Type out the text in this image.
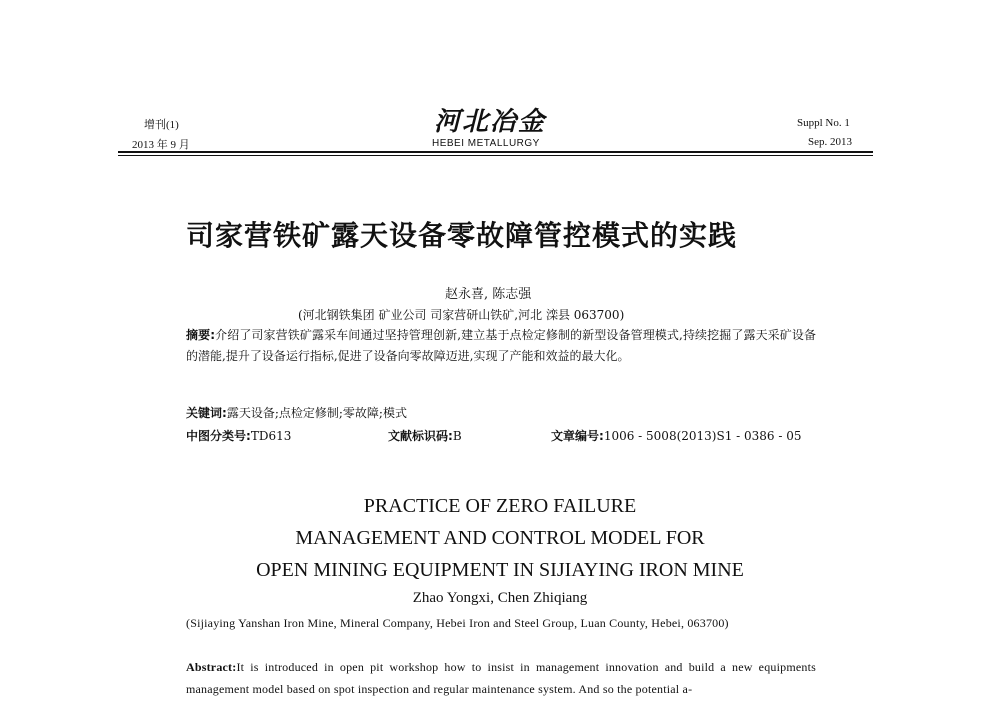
增刊(1)
2013 年 9 月
河北冶金
HEBEI METALLURGY
Suppl No. 1
Sep. 2013
司家营铁矿露天设备零故障管控模式的实践
赵永喜, 陈志强
(河北钢铁集团 矿业公司 司家营研山铁矿,河北 滦县 063700)
摘要:介绍了司家营铁矿露采车间通过坚持管理创新,建立基于点检定修制的新型设备管理模式,持续挖掘了露天采矿设备的潜能,提升了设备运行指标,促进了设备向零故障迈进,实现了产能和效益的最大化。
关键词:露天设备;点检定修制;零故障;模式
中图分类号:TD613	文献标识码:B	文章编号:1006 - 5008(2013)S1 - 0386 - 05
PRACTICE OF ZERO FAILURE
MANAGEMENT AND CONTROL MODEL FOR
OPEN MINING EQUIPMENT IN SIJIAYING IRON MINE
Zhao Yongxi, Chen Zhiqiang
(Sijiaying Yanshan Iron Mine, Mineral Company, Hebei Iron and Steel Group, Luan County, Hebei, 063700)
Abstract:It is introduced in open pit workshop how to insist in management innovation and build a new equipments management model based on spot inspection and regular maintenance system. And so the potential a-
